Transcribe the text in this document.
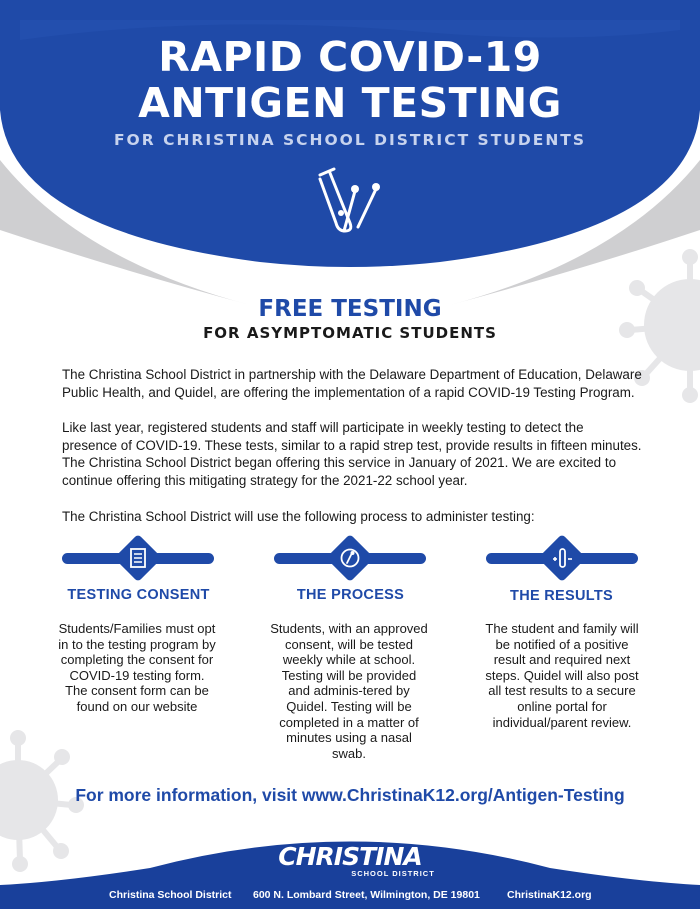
RAPID COVID-19
ANTIGEN TESTING
FOR CHRISTINA SCHOOL DISTRICT STUDENTS
FREE TESTING
FOR ASYMPTOMATIC STUDENTS
The Christina School District in partnership with the Delaware Department of Education, Delaware Public Health, and Quidel, are offering the implementation of a rapid COVID-19 Testing Program.
Like last year, registered students and staff will participate in weekly testing to detect the presence of COVID-19. These tests, similar to a rapid strep test, provide results in fifteen minutes. The Christina School District began offering this service in January of 2021. We are excited to continue offering this mitigating strategy for the 2021-22 school year.
The Christina School District will use the following process to administer testing:
TESTING CONSENT
Students/Families must opt in to the testing program by completing the consent for COVID-19 testing form. The consent form can be found on our website
THE PROCESS
Students, with an approved consent, will be tested weekly while at school. Testing will be provided and adminis-tered by Quidel. Testing will be completed in a matter of minutes using a nasal swab.
THE RESULTS
The student and family will be notified of a positive result and required next steps. Quidel will also post all test results to a secure online portal for individual/parent review.
For more information, visit www.ChristinaK12.org/Antigen-Testing
CHRISTINA
SCHOOL DISTRICT
Christina School District 600 N. Lombard Street, Wilmington, DE 19801	ChristinaK12.org
